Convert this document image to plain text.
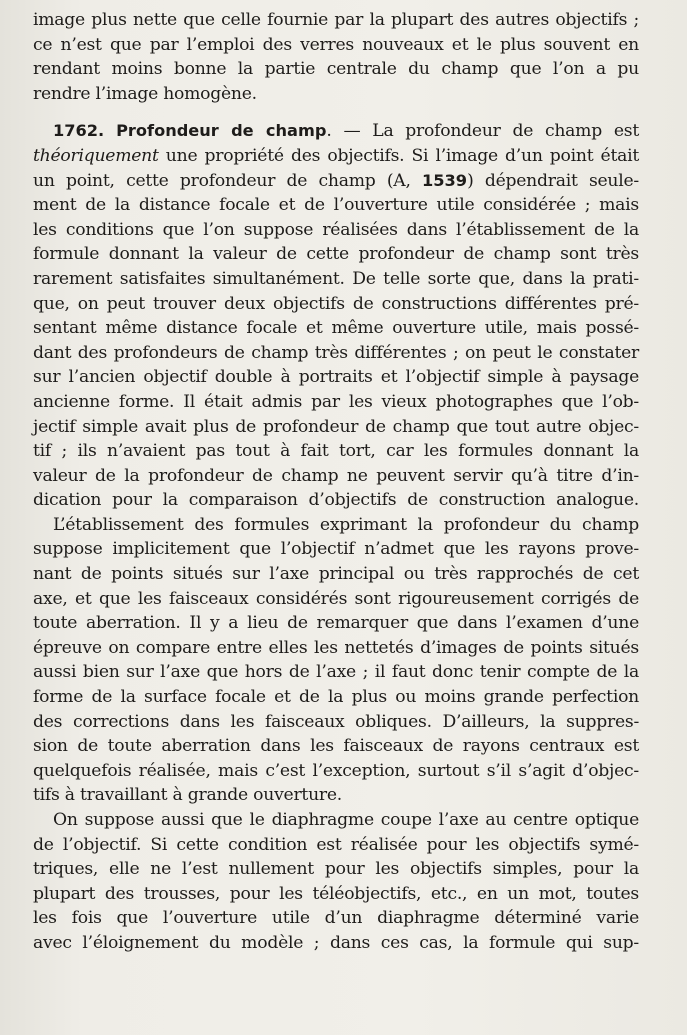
image plus nette que celle fournie par la plupart des autres objectifs ;
ce n’est que par l’emploi des verres nouveaux et le plus souvent en
rendant moins bonne la partie centrale du champ que l’on a pu
rendre l’image homogène.
1762. Profondeur de champ. — La profondeur de champ est
théoriquement une propriété des objectifs. Si l’image d’un point était
un point, cette profondeur de champ (A, 1539) dépendrait seule-
ment de la distance focale et de l’ouverture utile considérée ; mais
les conditions que l’on suppose réalisées dans l’établissement de la
formule donnant la valeur de cette profondeur de champ sont très
rarement satisfaites simultanément. De telle sorte que, dans la prati-
que, on peut trouver deux objectifs de constructions différentes pré-
sentant même distance focale et même ouverture utile, mais possé-
dant des profondeurs de champ très différentes ; on peut le constater
sur l’ancien objectif double à portraits et l’objectif simple à paysage
ancienne forme. Il était admis par les vieux photographes que l’ob-
jectif simple avait plus de profondeur de champ que tout autre objec-
tif ; ils n’avaient pas tout à fait tort, car les formules donnant la
valeur de la profondeur de champ ne peuvent servir qu’à titre d’in-
dication pour la comparaison d’objectifs de construction analogue.
L’établissement des formules exprimant la profondeur du champ
suppose implicitement que l’objectif n’admet que les rayons prove-
nant de points situés sur l’axe principal ou très rapprochés de cet
axe, et que les faisceaux considérés sont rigoureusement corrigés de
toute aberration. Il y a lieu de remarquer que dans l’examen d’une
épreuve on compare entre elles les nettetés d’images de points situés
aussi bien sur l’axe que hors de l’axe ; il faut donc tenir compte de la
forme de la surface focale et de la plus ou moins grande perfection
des corrections dans les faisceaux obliques. D’ailleurs, la suppres-
sion de toute aberration dans les faisceaux de rayons centraux est
quelquefois réalisée, mais c’est l’exception, surtout s’il s’agit d’objec-
tifs à travaillant à grande ouverture.
On suppose aussi que le diaphragme coupe l’axe au centre optique
de l’objectif. Si cette condition est réalisée pour les objectifs symé-
triques, elle ne l’est nullement pour les objectifs simples, pour la
plupart des trousses, pour les téléobjectifs, etc., en un mot, toutes
les fois que l’ouverture utile d’un diaphragme déterminé varie
avec l’éloignement du modèle ; dans ces cas, la formule qui sup-
